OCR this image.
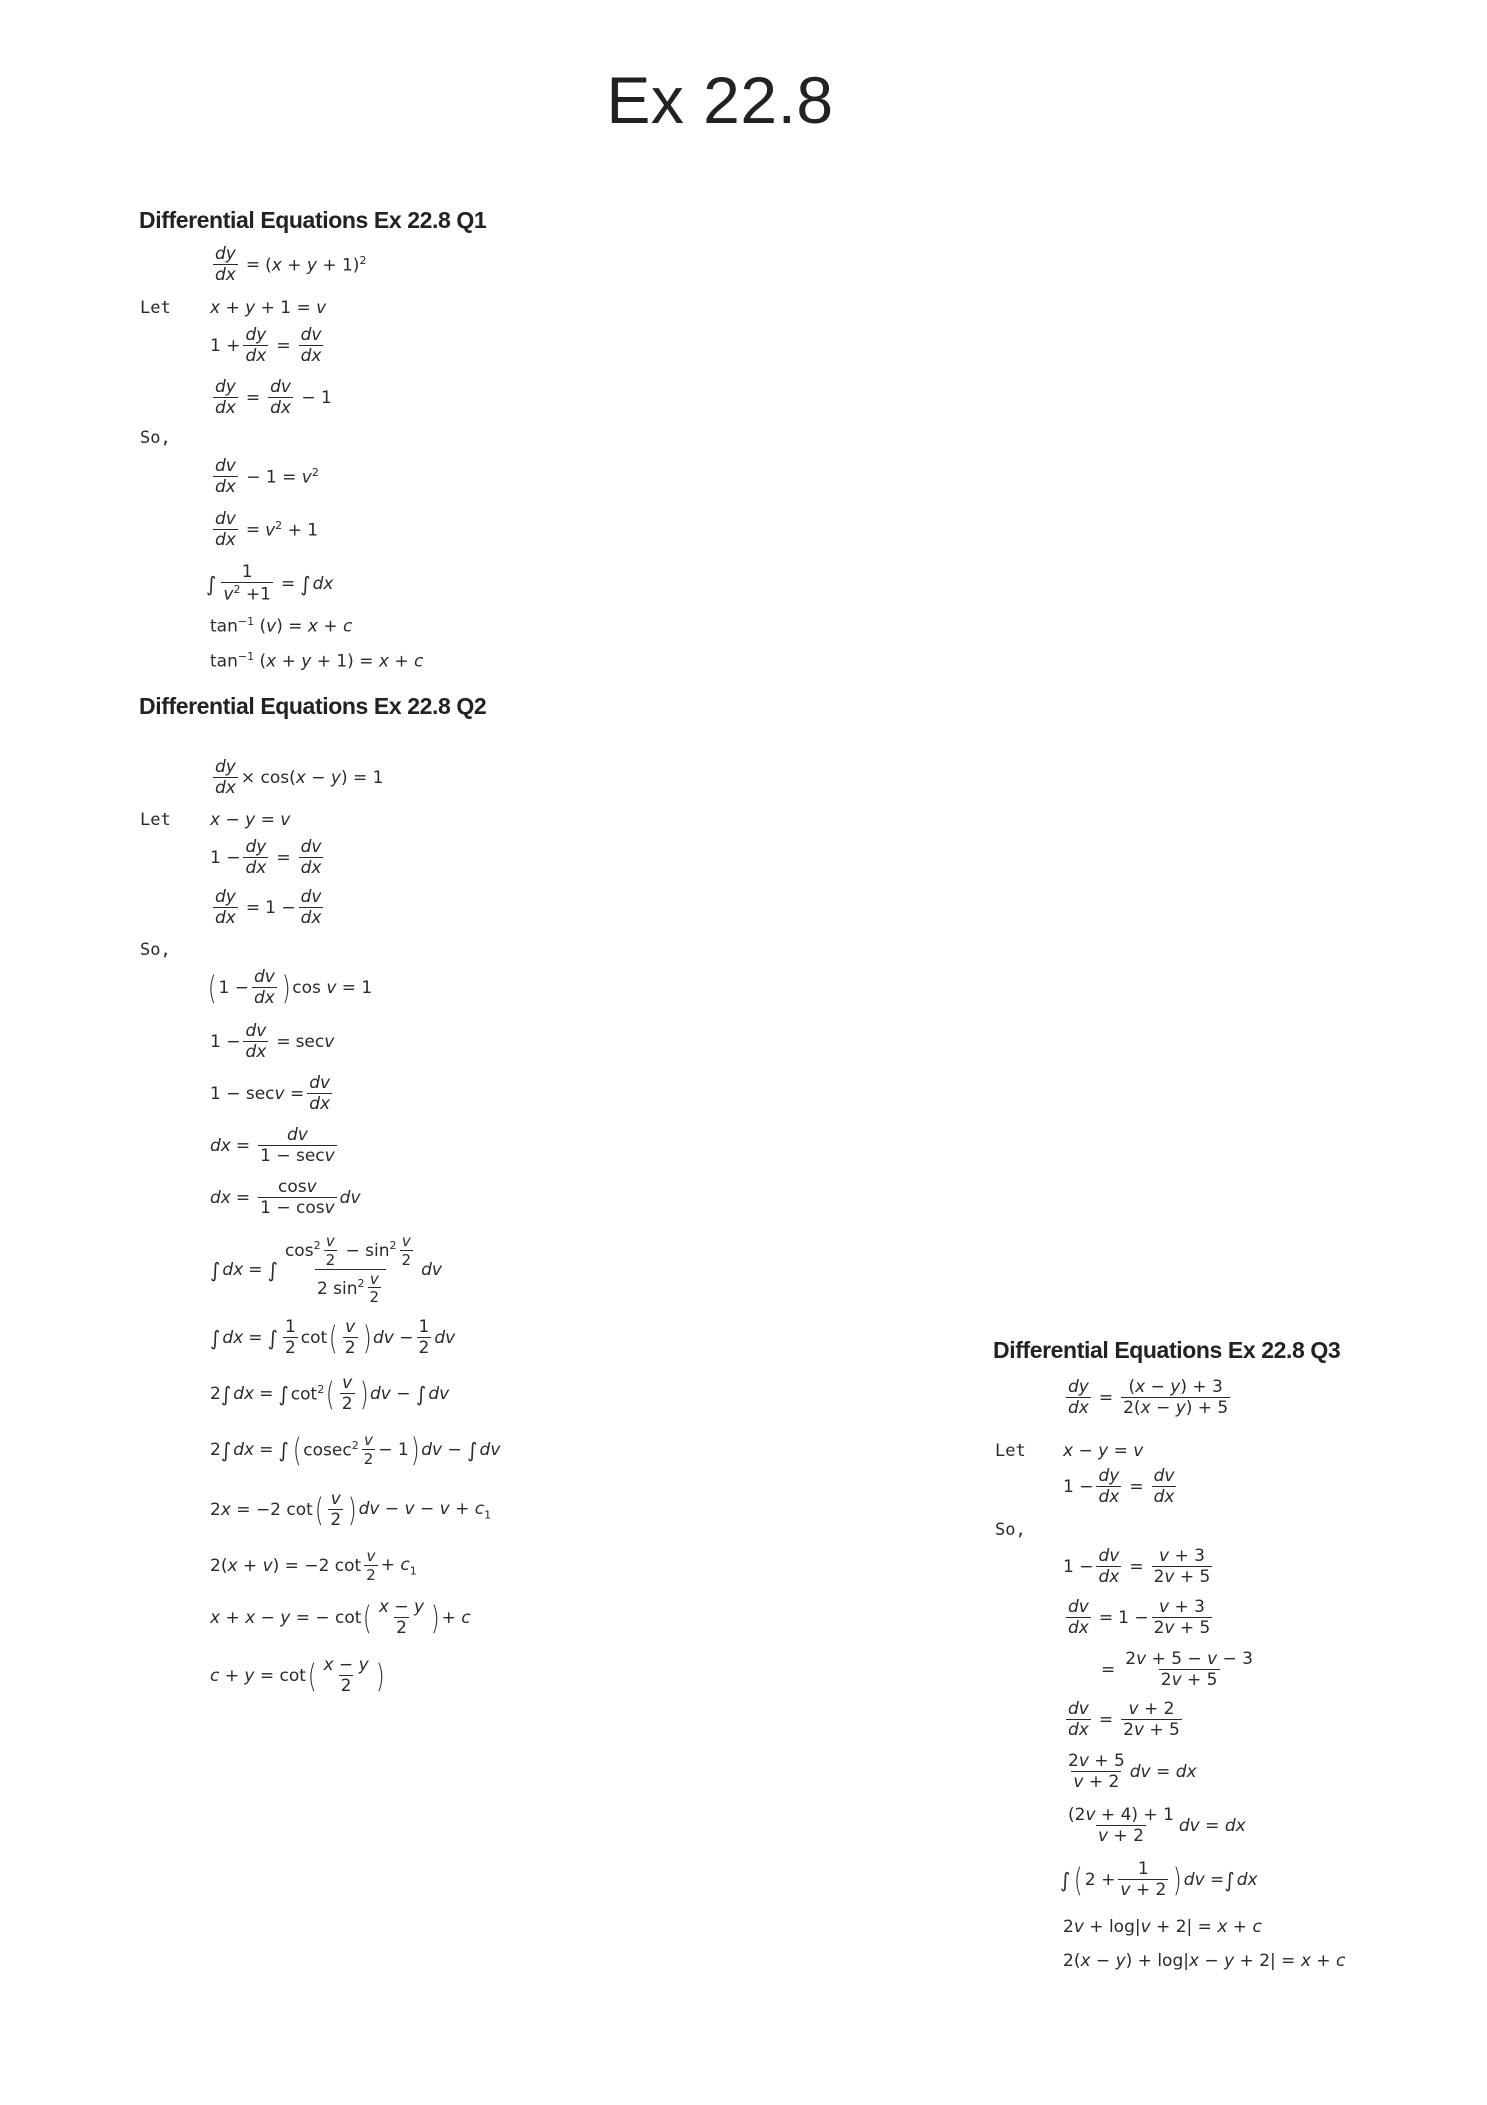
Ex 22.8
Differential Equations Ex 22.8 Q1
$\frac{dy}{dx} = (x + y + 1)^2$
Let x + y + 1 = v
$1 + \frac{dy}{dx} = \frac{dv}{dx}$
$\frac{dy}{dx} = \frac{dv}{dx} - 1$
So,
$\frac{dv}{dx} - 1 = v^2$
$\frac{dv}{dx} = v^2 + 1$
∫ $\frac{1}{v^2 +1}$ = ∫ dx
$\tan^{-1} (v) = x + c$
$\tan^{-1} (x + y + 1) = x + c$
Differential Equations Ex 22.8 Q2
$\frac{dy}{dx} \times \cos(x - y) = 1$
Let x − y = v
$1 - \frac{dy}{dx} = \frac{dv}{dx}$
$\frac{dy}{dx} = 1 - \frac{dv}{dx}$
So,
( $1 - \frac{dv}{dx}$ ) cos v = 1
$1 - \frac{dv}{dx} = \sec v$
$1 - \sec v = \frac{dv}{dx}$
dx = $\frac{dv}{1 - \sec v}$
dx = $\frac{\cos v}{1 - \cos v}$ dv
∫ dx = ∫ $\frac{\cos^2 \frac{v}{2} - \sin^2 \frac{v}{2}}{2 \sin^2 \frac{v}{2}}$ dv
∫ dx = ∫ $\frac{1}{2}$ cot ( $\frac{v}{2}$ ) dv − $\frac{1}{2}$ dv
2 ∫ dx = ∫ $\cot^2$ ( $\frac{v}{2}$ ) dv − ∫ dv
2 ∫ dx = ∫ ( $cosec^2 \frac{v}{2} - 1$ ) dv − ∫ dv
2x = −2 cot ( $\frac{v}{2}$ ) dv − $v - v + c_1$
2(x + v) = −2 $\cot \frac{v}{2} + c_1$
x + x − y = − cot ( $\frac{x - y}{2}$ ) + c
c + y = cot ( $\frac{x - y}{2}$ )
Differential Equations Ex 22.8 Q3
$\frac{dy}{dx} = \frac{(x - y) + 3}{2(x - y) + 5}$
Let x − y = v
$1 - \frac{dy}{dx} = \frac{dv}{dx}$
So,
$1 - \frac{dv}{dx} = \frac{v + 3}{2v + 5}$
$\frac{dv}{dx} = 1 - \frac{v + 3}{2v + 5}$
= $\frac{2v + 5 - v - 3}{2v + 5}$
$\frac{dv}{dx} = \frac{v + 2}{2v + 5}$
$\frac{2v + 5}{v + 2}$ dv = dx
$\frac{(2v + 4) + 1}{v + 2}$ dv = dx
∫ ( $2 + \frac{1}{v + 2}$ ) dv = ∫ dx
2v + log|v + 2| = x + c
2(x − y) + log|x − y + 2| = x + c
